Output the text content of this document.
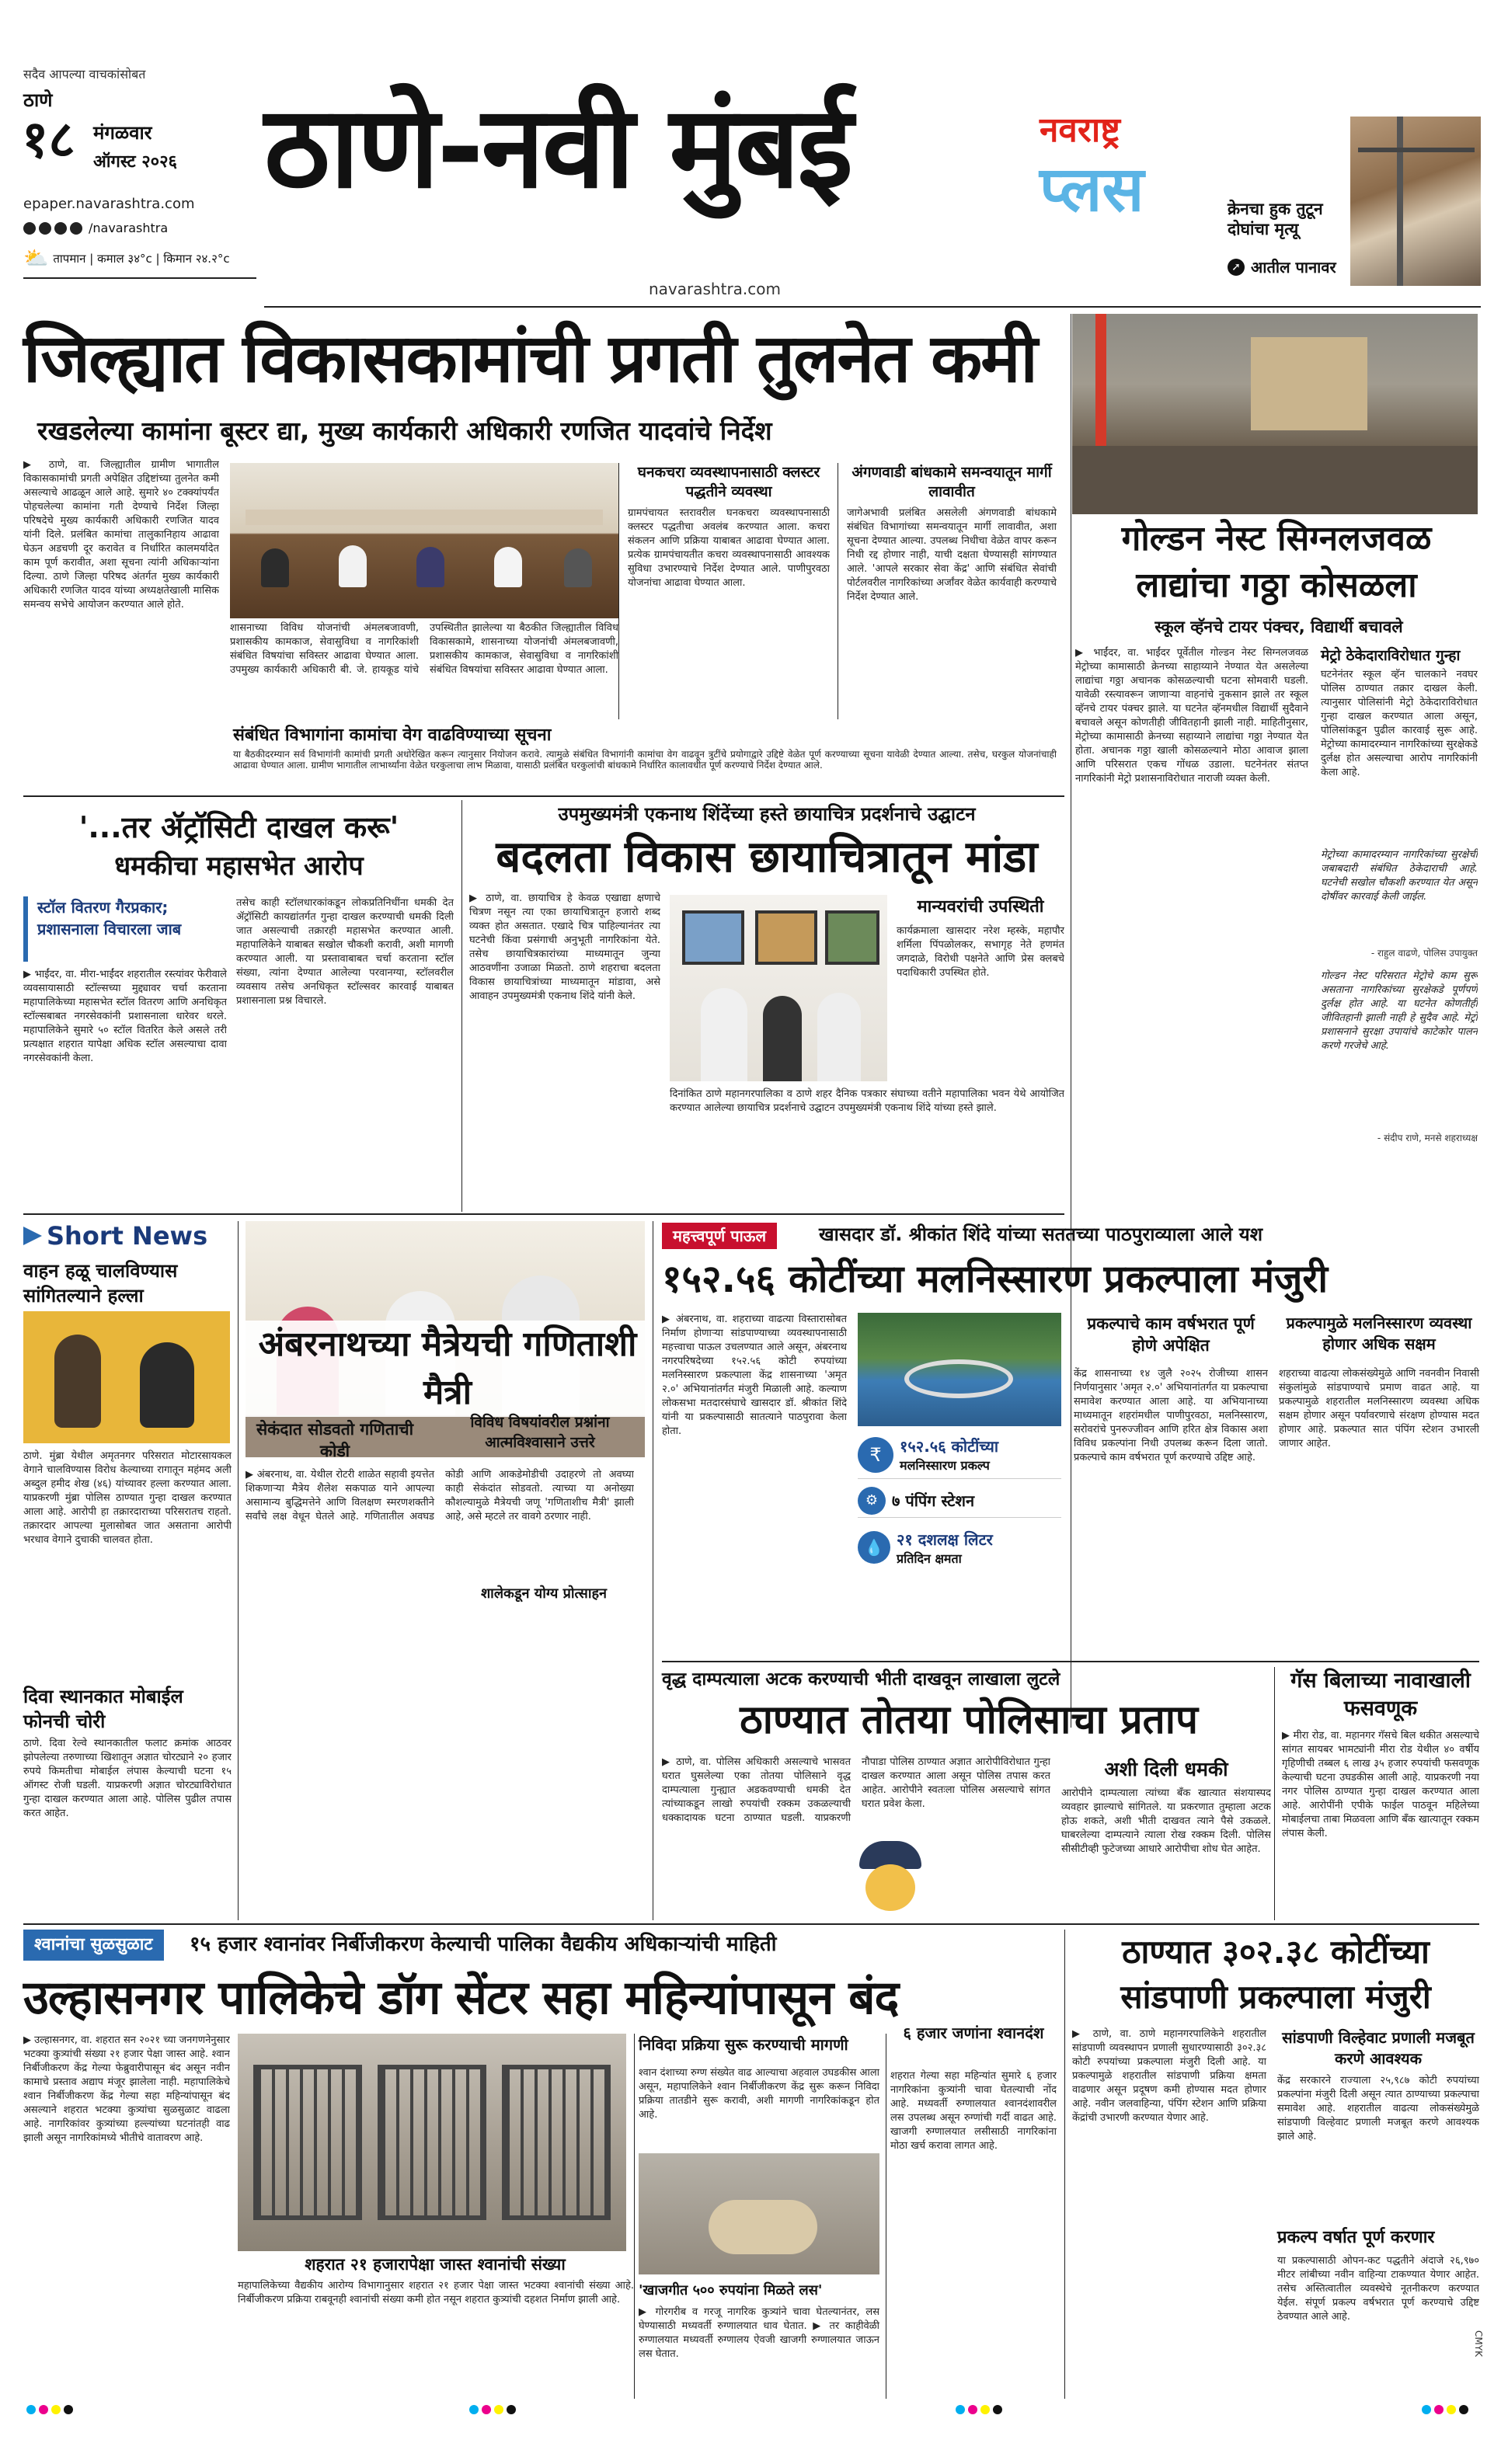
सदैव आपल्या वाचकांसोबत
ठाणे
१८ मंगळवार
ऑगस्ट २०२६
epaper.navarashtra.com
/navarashtra
⛅ तापमान | कमाल ३४°c | किमान २४.२°c
ठाणे-नवी मुंबई
navarashtra.com
नवराष्ट्र
प्लस	क्रेनचा हुक तुटून दोघांचा मृत्यू
➚ आतील पानावर
जिल्ह्यात विकासकामांची प्रगती तुलनेत कमी
रखडलेल्या कामांना बूस्टर द्या, मुख्य कार्यकारी अधिकारी रणजित यादवांचे निर्देश
▶ ठाणे, वा. जिल्ह्यातील ग्रामीण भागातील विकासकामांची प्रगती अपेक्षित उद्दिष्टांच्या तुलनेत कमी असल्याचे आढळून आले आहे. सुमारे ४० टक्क्यांपर्यंत पोहचलेल्या कामांना गती देण्याचे निर्देश जिल्हा परिषदेचे मुख्य कार्यकारी अधिकारी रणजित यादव यांनी दिले. प्रलंबित कामांचा तालुकानिहाय आढावा घेऊन अडचणी दूर करावेत व निर्धारित कालमर्यादेत काम पूर्ण करावीत, अशा सूचना त्यांनी अधिकाऱ्यांना दिल्या. ठाणे जिल्हा परिषद अंतर्गत मुख्य कार्यकारी अधिकारी रणजित यादव यांच्या अध्यक्षतेखाली मासिक समन्वय सभेचे आयोजन करण्यात आले होते.
शासनाच्या विविध योजनांची अंमलबजावणी, प्रशासकीय कामकाज, सेवासुविधा व नागरिकांशी संबंधित विषयांचा सविस्तर आढावा घेण्यात आला. उपमुख्य कार्यकारी अधिकारी बी. जे. हायकूड यांचे उपस्थितीत झालेल्या या बैठकीत जिल्ह्यातील विविध विकासकामे, शासनाच्या योजनांची अंमलबजावणी, प्रशासकीय कामकाज, सेवासुविधा व नागरिकांशी संबंधित विषयांचा सविस्तर आढावा घेण्यात आला.
संबंधित विभागांना कामांचा वेग वाढविण्याच्या सूचना
या बैठकीदरम्यान सर्व विभागांनी कामांची प्रगती अधोरेखित करून त्यानुसार नियोजन करावे. त्यामुळे संबंधित विभागांनी कामांचा वेग वाढवून त्रुटींचे प्रयोगाद्वारे उद्दिष्टे वेळेत पूर्ण करण्याच्या सूचना यावेळी देण्यात आल्या. तसेच, घरकुल योजनांचाही आढावा घेण्यात आला. ग्रामीण भागातील लाभार्थ्यांना वेळेत घरकुलाचा लाभ मिळावा, यासाठी प्रलंबित घरकुलांची बांधकामे निर्धारित कालावधीत पूर्ण करण्याचे निर्देश देण्यात आले.
घनकचरा व्यवस्थापनासाठी क्लस्टर पद्धतीने व्यवस्था
ग्रामपंचायत स्तरावरील घनकचरा व्यवस्थापनासाठी क्लस्टर पद्धतीचा अवलंब करण्यात आला. कचरा संकलन आणि प्रक्रिया याबाबत आढावा घेण्यात आला. प्रत्येक ग्रामपंचायतीत कचरा व्यवस्थापनासाठी आवश्यक सुविधा उभारण्याचे निर्देश देण्यात आले. पाणीपुरवठा योजनांचा आढावा घेण्यात आला.
अंगणवाडी बांधकामे समन्वयातून मार्गी लावावीत
जागेअभावी प्रलंबित असलेली अंगणवाडी बांधकामे संबंधित विभागांच्या समन्वयातून मार्गी लावावीत, अशा सूचना देण्यात आल्या. उपलब्ध निधीचा वेळेत वापर करून निधी रद्द होणार नाही, याची दक्षता घेण्यासही सांगण्यात आले. 'आपले सरकार सेवा केंद्र' आणि संबंधित सेवांची पोर्टलवरील नागरिकांच्या अर्जांवर वेळेत कार्यवाही करण्याचे निर्देश देण्यात आले.
गोल्डन नेस्ट सिग्नलजवळ लाद्यांचा गठ्ठा कोसळला
स्कूल व्हॅनचे टायर पंक्चर, विद्यार्थी बचावले
▶ भाईंदर, वा. भाईंदर पूर्वेतील गोल्डन नेस्ट सिग्नलजवळ मेट्रोच्या कामासाठी क्रेनच्या साहाय्याने नेण्यात येत असलेल्या लाद्यांचा गठ्ठा अचानक कोसळल्याची घटना सोमवारी घडली. यावेळी रस्त्यावरून जाणाऱ्या वाहनांचे नुकसान झाले तर स्कूल व्हॅनचे टायर पंक्चर झाले. या घटनेत व्हॅनमधील विद्यार्थी सुदैवाने बचावले असून कोणतीही जीवितहानी झाली नाही. माहितीनुसार, मेट्रोच्या कामासाठी क्रेनच्या सहाय्याने लाद्यांचा गठ्ठा नेण्यात येत होता. अचानक गठ्ठा खाली कोसळल्याने मोठा आवाज झाला आणि परिसरात एकच गोंधळ उडाला. घटनेनंतर संतप्त नागरिकांनी मेट्रो प्रशासनाविरोधात नाराजी व्यक्त केली.
मेट्रो ठेकेदाराविरोधात गुन्हा
घटनेनंतर स्कूल व्हॅन चालकाने नवघर पोलिस ठाण्यात तक्रार दाखल केली. त्यानुसार पोलिसांनी मेट्रो ठेकेदाराविरोधात गुन्हा दाखल करण्यात आला असून, पोलिसांकडून पुढील कारवाई सुरू आहे. मेट्रोच्या कामादरम्यान नागरिकांच्या सुरक्षेकडे दुर्लक्ष होत असल्याचा आरोप नागरिकांनी केला आहे.
मेट्रोच्या कामादरम्यान नागरिकांच्या सुरक्षेची जबाबदारी संबंधित ठेकेदाराची आहे. घटनेची सखोल चौकशी करण्यात येत असून दोषींवर कारवाई केली जाईल.
- राहुल वाढणे, पोलिस उपायुक्त
गोल्डन नेस्ट परिसरात मेट्रोचे काम सुरू असताना नागरिकांच्या सुरक्षेकडे पूर्णपणे दुर्लक्ष होत आहे. या घटनेत कोणतीही जीवितहानी झाली नाही हे सुदैव आहे. मेट्रो प्रशासनाने सुरक्षा उपायांचे काटेकोर पालन करणे गरजेचे आहे.
- संदीप राणे, मनसे शहराध्यक्ष
'...तर ॲट्रॉसिटी दाखल करू'
धमकीचा महासभेत आरोप
स्टॉल वितरण गैरप्रकार; प्रशासनाला विचारला जाब
▶ भाईंदर, वा. मीरा-भाईंदर शहरातील रस्त्यांवर फेरीवाले व्यवसायासाठी स्टॉल्सच्या मुद्द्यावर चर्चा करताना महापालिकेच्या महासभेत स्टॉल वितरण आणि अनधिकृत स्टॉल्सबाबत नगरसेवकांनी प्रशासनाला धारेवर धरले. महापालिकेने सुमारे ५० स्टॉल वितरित केले असले तरी प्रत्यक्षात शहरात यापेक्षा अधिक स्टॉल असल्याचा दावा नगरसेवकांनी केला.
तसेच काही स्टॉलधारकांकडून लोकप्रतिनिधींना धमकी देत ॲट्रॉसिटी कायद्यांतर्गत गुन्हा दाखल करण्याची धमकी दिली जात असल्याची तक्रारही महासभेत करण्यात आली. महापालिकेने याबाबत सखोल चौकशी करावी, अशी मागणी करण्यात आली. या प्रस्तावाबाबत चर्चा करताना स्टॉल संख्या, त्यांना देण्यात आलेल्या परवानग्या, स्टॉलवरील व्यवसाय तसेच अनधिकृत स्टॉल्सवर कारवाई याबाबत प्रशासनाला प्रश्न विचारले.
उपमुख्यमंत्री एकनाथ शिंदेंच्या हस्ते छायाचित्र प्रदर्शनाचे उद्घाटन
बदलता विकास छायाचित्रातून मांडा
▶ ठाणे, वा. छायाचित्र हे केवळ एखाद्या क्षणाचे चित्रण नसून त्या एका छायाचित्रातून हजारो शब्द व्यक्त होत असतात. एखादे चित्र पाहिल्यानंतर त्या घटनेची किंवा प्रसंगाची अनुभूती नागरिकांना येते. तसेच छायाचित्रकारांच्या माध्यमातून जुन्या आठवणींना उजाळा मिळतो. ठाणे शहराचा बदलता विकास छायाचित्रांच्या माध्यमातून मांडावा, असे आवाहन उपमुख्यमंत्री एकनाथ शिंदे यांनी केले.
मान्यवरांची उपस्थिती
कार्यक्रमाला खासदार नरेश म्हस्के, महापौर शर्मिला पिंपळोलकर, सभागृह नेते हणमंत जगदाळे, विरोधी पक्षनेते आणि प्रेस क्लबचे पदाधिकारी उपस्थित होते.
दिनांकित ठाणे महानगरपालिका व ठाणे शहर दैनिक पत्रकार संघाच्या वतीने महापालिका भवन येथे आयोजित करण्यात आलेल्या छायाचित्र प्रदर्शनाचे उद्घाटन उपमुख्यमंत्री एकनाथ शिंदे यांच्या हस्ते झाले.
Short News
वाहन हळू चालविण्यास सांगितल्याने हल्ला
ठाणे. मुंब्रा येथील अमृतनगर परिसरात मोटारसायकल वेगाने चालविण्यास विरोध केल्याच्या रागातून महंमद अली अब्दुल हमीद शेख (४६) यांच्यावर हल्ला करण्यात आला. याप्रकरणी मुंब्रा पोलिस ठाण्यात गुन्हा दाखल करण्यात आला आहे. आरोपी हा तक्रारदाराच्या परिसरातच राहतो. तक्रारदार आपल्या मुलासोबत जात असताना आरोपी भरधाव वेगाने दुचाकी चालवत होता.
दिवा स्थानकात मोबाईल फोनची चोरी
ठाणे. दिवा रेल्वे स्थानकातील फलाट क्रमांक आठवर झोपलेल्या तरुणाच्या खिशातून अज्ञात चोरट्याने २० हजार रुपये किमतीचा मोबाईल लंपास केल्याची घटना १५ ऑगस्ट रोजी घडली. याप्रकरणी अज्ञात चोरट्याविरोधात गुन्हा दाखल करण्यात आला आहे. पोलिस पुढील तपास करत आहेत.
अंबरनाथच्या मैत्रेयची गणिताशी मैत्री
सेकंदात सोडवतो गणिताची कोडी
▶ अंबरनाथ, वा. येथील रोटरी शाळेत सहावी इयत्तेत शिकणाऱ्या मैत्रेय शैलेश सकपाळ याने आपल्या असामान्य बुद्धिमत्तेने आणि विलक्षण स्मरणशक्तीने सर्वांचे लक्ष वेधून घेतले आहे. गणितातील अवघड कोडी आणि आकडेमोडीची उदाहरणे तो अवघ्या काही सेकंदांत सोडवतो. त्याच्या या अनोख्या कौशल्यामुळे मैत्रेयची जणू 'गणिताशीच मैत्री' झाली आहे, असे म्हटले तर वावगे ठरणार नाही.
शालेकडून योग्य प्रोत्साहन
विविध विषयांवरील प्रश्नांना आत्मविश्वासाने उत्तरे
महत्त्वपूर्ण पाऊल	खासदार डॉ. श्रीकांत शिंदे यांच्या सततच्या पाठपुराव्याला आले यश
१५२.५६ कोटींच्या मलनिस्सारण प्रकल्पाला मंजुरी
▶ अंबरनाथ, वा. शहराच्या वाढत्या विस्तारासोबत निर्माण होणाऱ्या सांडपाण्याच्या व्यवस्थापनासाठी महत्त्वाचा पाऊल उचलण्यात आले असून, अंबरनाथ नगरपरिषदेच्या १५२.५६ कोटी रुपयांच्या मलनिस्सारण प्रकल्पाला केंद्र शासनाच्या 'अमृत २.०' अभियानांतर्गत मंजुरी मिळाली आहे. कल्याण लोकसभा मतदारसंघाचे खासदार डॉ. श्रीकांत शिंदे यांनी या प्रकल्पासाठी सातत्याने पाठपुरावा केला होता.
₹	१५२.५६ कोटींच्या
मलनिस्सारण प्रकल्प
⚙ ७ पंपिंग स्टेशन
💧 २१ दशलक्ष लिटर
प्रतिदिन क्षमता
प्रकल्पाचे काम वर्षभरात पूर्ण होणे अपेक्षित
केंद्र शासनाच्या १४ जुलै २०२५ रोजीच्या शासन निर्णयानुसार 'अमृत २.०' अभियानांतर्गत या प्रकल्पाचा समावेश करण्यात आला आहे. या अभियानाच्या माध्यमातून शहरांमधील पाणीपुरवठा, मलनिस्सारण, सरोवरांचे पुनरुज्जीवन आणि हरित क्षेत्र विकास अशा विविध प्रकल्पांना निधी उपलब्ध करून दिला जातो. प्रकल्पाचे काम वर्षभरात पूर्ण करण्याचे उद्दिष्ट आहे.
प्रकल्पामुळे मलनिस्सारण व्यवस्था होणार अधिक सक्षम
शहराच्या वाढत्या लोकसंख्येमुळे आणि नवनवीन निवासी संकुलांमुळे सांडपाण्याचे प्रमाण वाढत आहे. या प्रकल्पामुळे शहरातील मलनिस्सारण व्यवस्था अधिक सक्षम होणार असून पर्यावरणाचे संरक्षण होण्यास मदत होणार आहे. प्रकल्पात सात पंपिंग स्टेशन उभारली जाणार आहेत.
वृद्ध दाम्पत्याला अटक करण्याची भीती दाखवून लाखाला लुटले
ठाण्यात तोतया पोलिसाचा प्रताप
▶ ठाणे, वा. पोलिस अधिकारी असल्याचे भासवत घरात घुसलेल्या एका तोतया पोलिसाने वृद्ध दाम्पत्याला गुन्ह्यात अडकवण्याची धमकी देत त्यांच्याकडून लाखो रुपयांची रक्कम उकळल्याची धक्कादायक घटना ठाण्यात घडली. याप्रकरणी नौपाडा पोलिस ठाण्यात अज्ञात आरोपीविरोधात गुन्हा दाखल करण्यात आला असून पोलिस तपास करत आहेत. आरोपीने स्वतःला पोलिस असल्याचे सांगत घरात प्रवेश केला.
अशी दिली धमकी
आरोपीने दाम्पत्याला त्यांच्या बँक खात्यात संशयास्पद व्यवहार झाल्याचे सांगितले. या प्रकरणात तुम्हाला अटक होऊ शकते, अशी भीती दाखवत त्याने पैसे उकळले. घाबरलेल्या दाम्पत्याने त्याला रोख रक्कम दिली. पोलिस सीसीटीव्ही फुटेजच्या आधारे आरोपीचा शोध घेत आहेत.
गॅस बिलाच्या नावाखाली फसवणूक
▶ मीरा रोड, वा. महानगर गॅसचे बिल थकीत असल्याचे सांगत सायबर भामट्यांनी मीरा रोड येथील ४० वर्षीय गृहिणीची तब्बल ६ लाख ३५ हजार रुपयांची फसवणूक केल्याची घटना उघडकीस आली आहे. याप्रकरणी नया नगर पोलिस ठाण्यात गुन्हा दाखल करण्यात आला आहे. आरोपींनी एपीके फाईल पाठवून महिलेच्या मोबाईलचा ताबा मिळवला आणि बँक खात्यातून रक्कम लंपास केली.
श्वानांचा सुळसुळाट	१५ हजार श्वानांवर निर्बीजीकरण केल्याची पालिका वैद्यकीय अधिकाऱ्यांची माहिती
उल्हासनगर पालिकेचे डॉग सेंटर सहा महिन्यांपासून बंद
▶ उल्हासनगर, वा. शहरात सन २०२१ च्या जनगणनेनुसार भटक्या कुत्र्यांची संख्या २१ हजार पेक्षा जास्त आहे. श्वान निर्बीजीकरण केंद्र गेल्या फेब्रुवारीपासून बंद असून नवीन कामाचे प्रस्ताव अद्याप मंजूर झालेला नाही. महापालिकेचे श्वान निर्बीजीकरण केंद्र गेल्या सहा महिन्यांपासून बंद असल्याने शहरात भटक्या कुत्र्यांचा सुळसुळाट वाढला आहे. नागरिकांवर कुत्र्यांच्या हल्ल्यांच्या घटनांतही वाढ झाली असून नागरिकांमध्ये भीतीचे वातावरण आहे.
शहरात २१ हजारापेक्षा जास्त श्वानांची संख्या
महापालिकेच्या वैद्यकीय आरोग्य विभागानुसार शहरात २१ हजार पेक्षा जास्त भटक्या श्वानांची संख्या आहे. निर्बीजीकरण प्रक्रिया राबवूनही श्वानांची संख्या कमी होत नसून शहरात कुत्र्यांची दहशत निर्माण झाली आहे.
निविदा प्रक्रिया सुरू करण्याची मागणी
श्वान दंशाच्या रुग्ण संख्येत वाढ आल्याचा अहवाल उघडकीस आला असून, महापालिकेने श्वान निर्बीजीकरण केंद्र सुरू करून निविदा प्रक्रिया तातडीने सुरू करावी, अशी मागणी नागरिकांकडून होत आहे.
'खाजगीत ५०० रुपयांना मिळते लस'
▶ गोरगरीब व गरजू नागरिक कुत्र्यांने चावा घेतल्यानंतर, लस घेण्यासाठी मध्यवर्ती रुग्णालयात धाव घेतात. ▶ तर काहीवेळी रुग्णालयात मध्यवर्ती रुग्णालय ऐवजी खाजगी रुग्णालयात जाऊन लस घेतात.
६ हजार जणांना श्वानदंश
शहरात गेल्या सहा महिन्यांत सुमारे ६ हजार नागरिकांना कुत्र्यांनी चावा घेतल्याची नोंद आहे. मध्यवर्ती रुग्णालयात श्वानदंशावरील लस उपलब्ध असून रुग्णांची गर्दी वाढत आहे. खाजगी रुग्णालयात लसीसाठी नागरिकांना मोठा खर्च करावा लागत आहे.
ठाण्यात ३०२.३८ कोटींच्या सांडपाणी प्रकल्पाला मंजुरी
▶ ठाणे, वा. ठाणे महानगरपालिकेने शहरातील सांडपाणी व्यवस्थापन प्रणाली सुधारण्यासाठी ३०२.३८ कोटी रुपयांच्या प्रकल्पाला मंजुरी दिली आहे. या प्रकल्पामुळे शहरातील सांडपाणी प्रक्रिया क्षमता वाढणार असून प्रदूषण कमी होण्यास मदत होणार आहे. नवीन जलवाहिन्या, पंपिंग स्टेशन आणि प्रक्रिया केंद्रांची उभारणी करण्यात येणार आहे.
सांडपाणी विल्हेवाट प्रणाली मजबूत करणे आवश्यक
केंद्र सरकारने राज्याला २५,९८७ कोटी रुपयांच्या प्रकल्पांना मंजुरी दिली असून त्यात ठाण्याच्या प्रकल्पाचा समावेश आहे. शहरातील वाढत्या लोकसंख्येमुळे सांडपाणी विल्हेवाट प्रणाली मजबूत करणे आवश्यक झाले आहे.
प्रकल्प वर्षात पूर्ण करणार
या प्रकल्पासाठी ओपन-कट पद्धतीने अंदाजे २६,९७० मीटर लांबीच्या नवीन वाहिन्या टाकण्यात येणार आहेत. तसेच अस्तित्वातील व्यवस्थेचे नूतनीकरण करण्यात येईल. संपूर्ण प्रकल्प वर्षभरात पूर्ण करण्याचे उद्दिष्ट ठेवण्यात आले आहे.
CMYK
